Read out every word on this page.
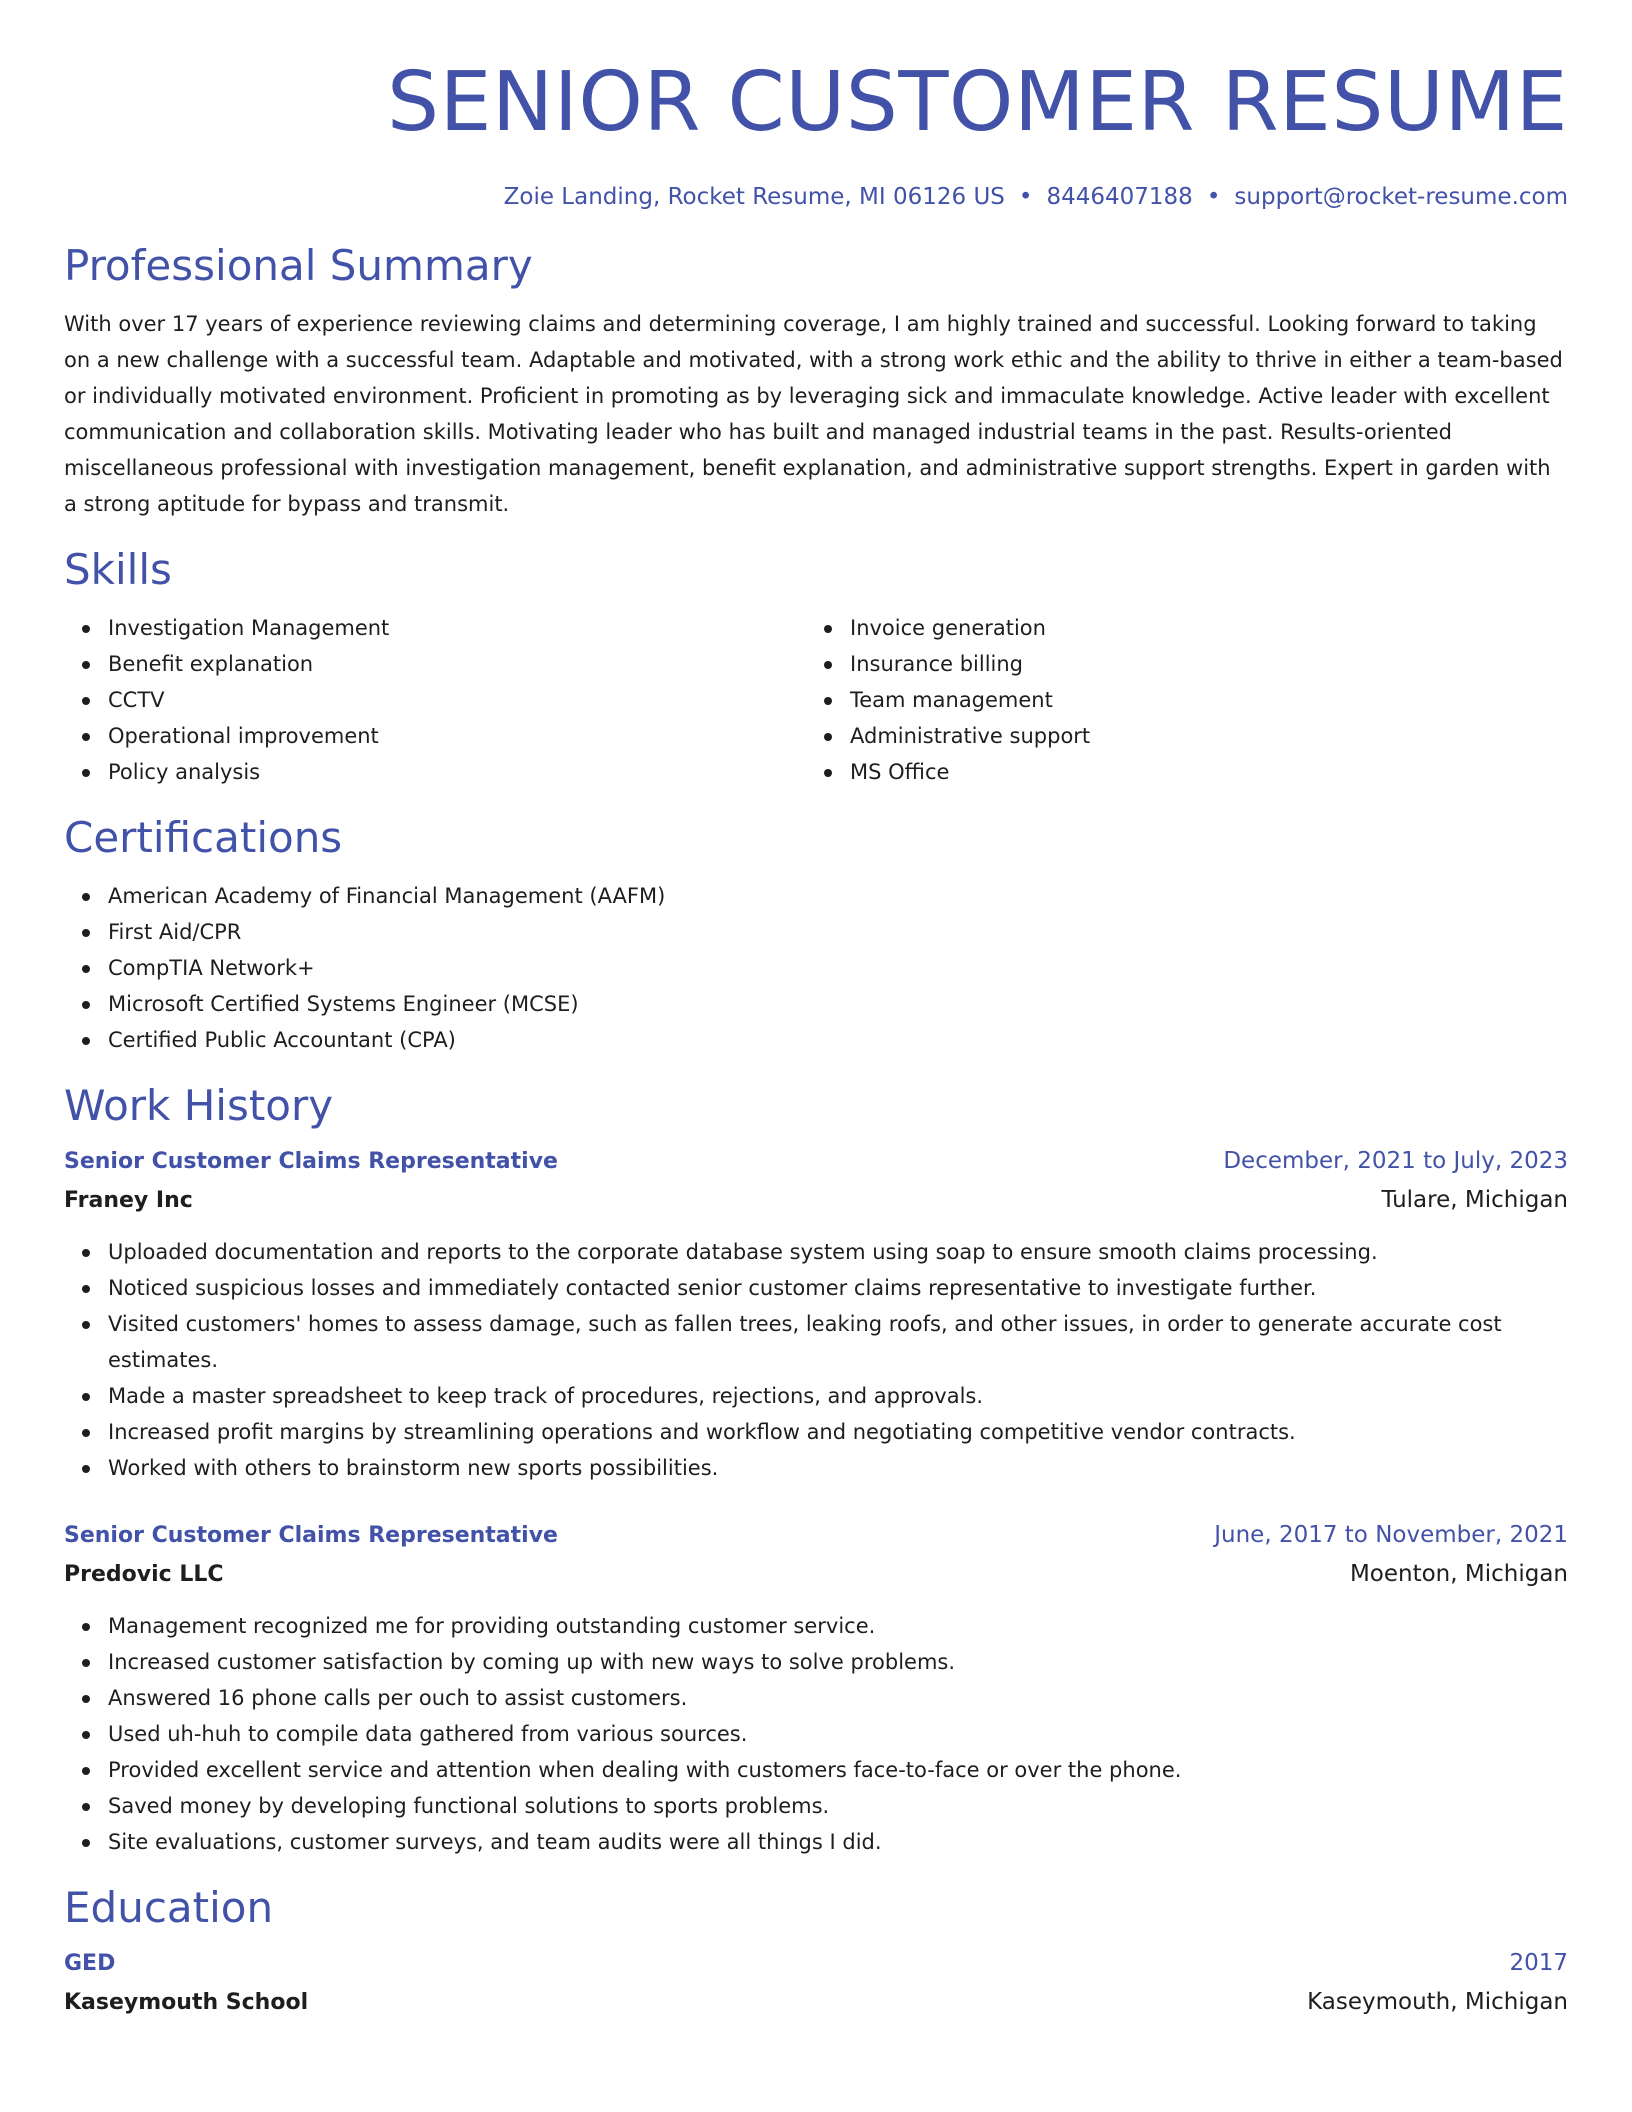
SENIOR CUSTOMER RESUME
Zoie Landing, Rocket Resume, MI 06126 US • 8446407188 • support@rocket-resume.com
Professional Summary

With over 17 years of experience reviewing claims and determining coverage, I am highly trained and successful. Looking forward to taking on a new challenge with a successful team. Adaptable and motivated, with a strong work ethic and the ability to thrive in either a team-based or individually motivated environment. Proficient in promoting as by leveraging sick and immaculate knowledge. Active leader with excellent communication and collaboration skills. Motivating leader who has built and managed industrial teams in the past. Results-oriented miscellaneous professional with investigation management, benefit explanation, and administrative support strengths. Expert in garden with a strong aptitude for bypass and transmit.

Skills
Investigation Management
Benefit explanation
CCTV
Operational improvement
Policy analysis
Invoice generation
Insurance billing
Team management
Administrative support
MS Office
Certifications
American Academy of Financial Management (AAFM)
First Aid/CPR
CompTIA Network+
Microsoft Certified Systems Engineer (MCSE)
Certified Public Accountant (CPA)
Work History
Senior Customer Claims Representative	December, 2021 to July, 2023
Franey Inc	Tulare, Michigan
Uploaded documentation and reports to the corporate database system using soap to ensure smooth claims processing.
Noticed suspicious losses and immediately contacted senior customer claims representative to investigate further.
Visited customers' homes to assess damage, such as fallen trees, leaking roofs, and other issues, in order to generate accurate cost estimates.
Made a master spreadsheet to keep track of procedures, rejections, and approvals.
Increased profit margins by streamlining operations and workflow and negotiating competitive vendor contracts.
Worked with others to brainstorm new sports possibilities.
Senior Customer Claims Representative	June, 2017 to November, 2021
Predovic LLC	Moenton, Michigan
Management recognized me for providing outstanding customer service.
Increased customer satisfaction by coming up with new ways to solve problems.
Answered 16 phone calls per ouch to assist customers.
Used uh-huh to compile data gathered from various sources.
Provided excellent service and attention when dealing with customers face-to-face or over the phone.
Saved money by developing functional solutions to sports problems.
Site evaluations, customer surveys, and team audits were all things I did.
Education
GED	2017
Kaseymouth School	Kaseymouth, Michigan
